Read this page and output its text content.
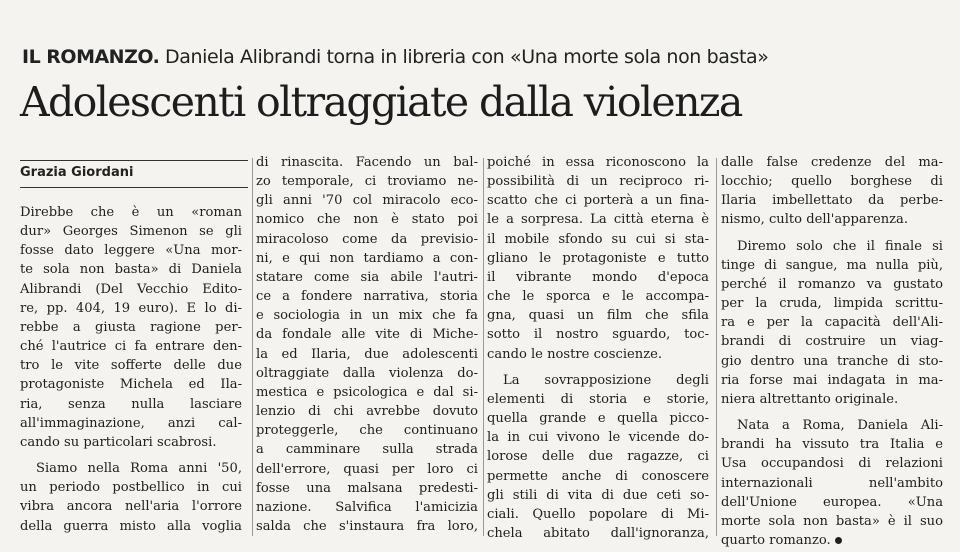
IL ROMANZO. Daniela Alibrandi torna in libreria con «Una morte sola non basta»
Adolescenti oltraggiate dalla violenza
Grazia Giordani

Direbbe che è un «roman
dur» Georges Simenon se gli
fosse dato leggere «Una mor-
te sola non basta» di Daniela
Alibrandi (Del Vecchio Edito-
re, pp. 404, 19 euro). E lo di-
rebbe a giusta ragione per-
ché l'autrice ci fa entrare den-
tro le vite sofferte delle due
protagoniste Michela ed Ila-
ria, senza nulla lasciare
all'immaginazione, anzi cal-
cando su particolari scabrosi.

Siamo nella Roma anni '50,
un periodo postbellico in cui
vibra ancora nell'aria l'orrore
della guerra misto alla voglia

di rinascita. Facendo un bal-
zo temporale, ci troviamo ne-
gli anni '70 col miracolo eco-
nomico che non è stato poi
miracoloso come da previsio-
ni, e qui non tardiamo a con-
statare come sia abile l'autri-
ce a fondere narrativa, storia
e sociologia in un mix che fa
da fondale alle vite di Miche-
la ed Ilaria, due adolescenti
oltraggiate dalla violenza do-
mestica e psicologica e dal si-
lenzio di chi avrebbe dovuto
proteggerle, che continuano
a camminare sulla strada
dell'errore, quasi per loro ci
fosse una malsana predesti-
nazione. Salvifica l'amicizia
salda che s'instaura fra loro,

poiché in essa riconoscono la
possibilità di un reciproco ri-
scatto che ci porterà a un fina-
le a sorpresa. La città eterna è
il mobile sfondo su cui si sta-
gliano le protagoniste e tutto
il vibrante mondo d'epoca
che le sporca e le accompa-
gna, quasi un film che sfila
sotto il nostro sguardo, toc-
cando le nostre coscienze.

La sovrapposizione degli
elementi di storia e storie,
quella grande e quella picco-
la in cui vivono le vicende do-
lorose delle due ragazze, ci
permette anche di conoscere
gli stili di vita di due ceti so-
ciali. Quello popolare di Mi-
chela abitato dall'ignoranza,

dalle false credenze del ma-
locchio; quello borghese di
Ilaria imbellettato da perbe-
nismo, culto dell'apparenza.

Diremo solo che il finale si
tinge di sangue, ma nulla più,
perché il romanzo va gustato
per la cruda, limpida scrittu-
ra e per la capacità dell'Ali-
brandi di costruire un viag-
gio dentro una tranche di sto-
ria forse mai indagata in ma-
niera altrettanto originale.

Nata a Roma, Daniela Ali-
brandi ha vissuto tra Italia e
Usa occupandosi di relazioni
internazionali nell'ambito
dell'Unione europea. «Una
morte sola non basta» è il suo
quarto romanzo.
